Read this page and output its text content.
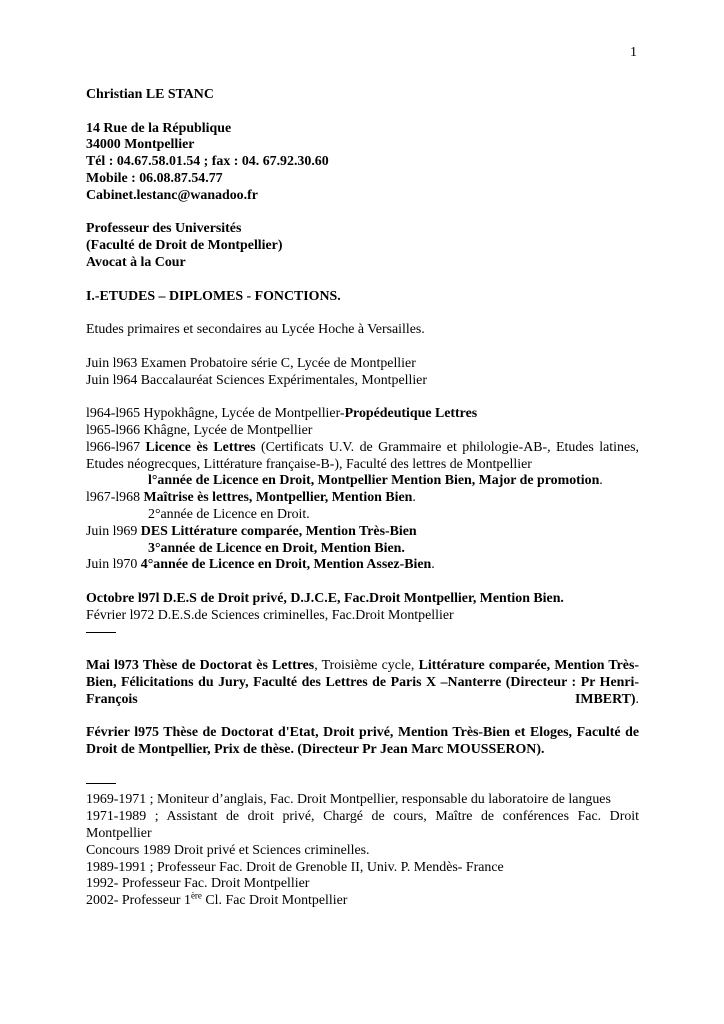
1

Christian LE STANC

14 Rue de la République

34000 Montpellier

Tél : 04.67.58.01.54 ; fax : 04. 67.92.30.60

Mobile : 06.08.87.54.77

Cabinet.lestanc@wanadoo.fr

Professeur des Universités

(Faculté de Droit de Montpellier)

Avocat à la Cour

I.-ETUDES – DIPLOMES - FONCTIONS.

Etudes primaires et secondaires au Lycée Hoche à Versailles.

Juin l963 Examen Probatoire série C, Lycée de Montpellier

Juin l964 Baccalauréat Sciences Expérimentales, Montpellier

l964-l965 Hypokhâgne, Lycée de Montpellier-Propédeutique Lettres

l965-l966 Khâgne, Lycée de Montpellier

l966-l967 Licence ès Lettres (Certificats U.V. de Grammaire et philologie-AB-, Etudes latines, Etudes néogrecques, Littérature française-B-), Faculté des lettres de Montpellier

l°année de Licence en Droit, Montpellier Mention Bien, Major de promotion.

l967-l968 Maîtrise ès lettres, Montpellier, Mention Bien.

2°année de Licence en Droit.

Juin l969 DES Littérature comparée, Mention Très-Bien

3°année de Licence en Droit, Mention Bien.

Juin l970 4°année de Licence en Droit, Mention Assez-Bien.

Octobre l97l D.E.S de Droit privé, D.J.C.E, Fac.Droit Montpellier, Mention Bien.

Février l972 D.E.S.de Sciences criminelles, Fac.Droit Montpellier

Mai l973 Thèse de Doctorat ès Lettres, Troisième cycle, Littérature comparée, Mention Très-Bien, Félicitations du Jury, Faculté des Lettres de Paris X –Nanterre (Directeur : Pr Henri-François IMBERT).

Février l975 Thèse de Doctorat d'Etat, Droit privé, Mention Très-Bien et Eloges, Faculté de Droit de Montpellier, Prix de thèse. (Directeur Pr Jean Marc MOUSSERON).

1969-1971 ; Moniteur d’anglais, Fac. Droit Montpellier, responsable du laboratoire de langues

1971-1989 ; Assistant de droit privé, Chargé de cours, Maître de conférences Fac. Droit Montpellier

Concours 1989 Droit privé et Sciences criminelles.

1989-1991 ; Professeur Fac. Droit de Grenoble II, Univ. P. Mendès- France

1992- Professeur Fac. Droit Montpellier

2002- Professeur 1ère Cl. Fac Droit Montpellier
